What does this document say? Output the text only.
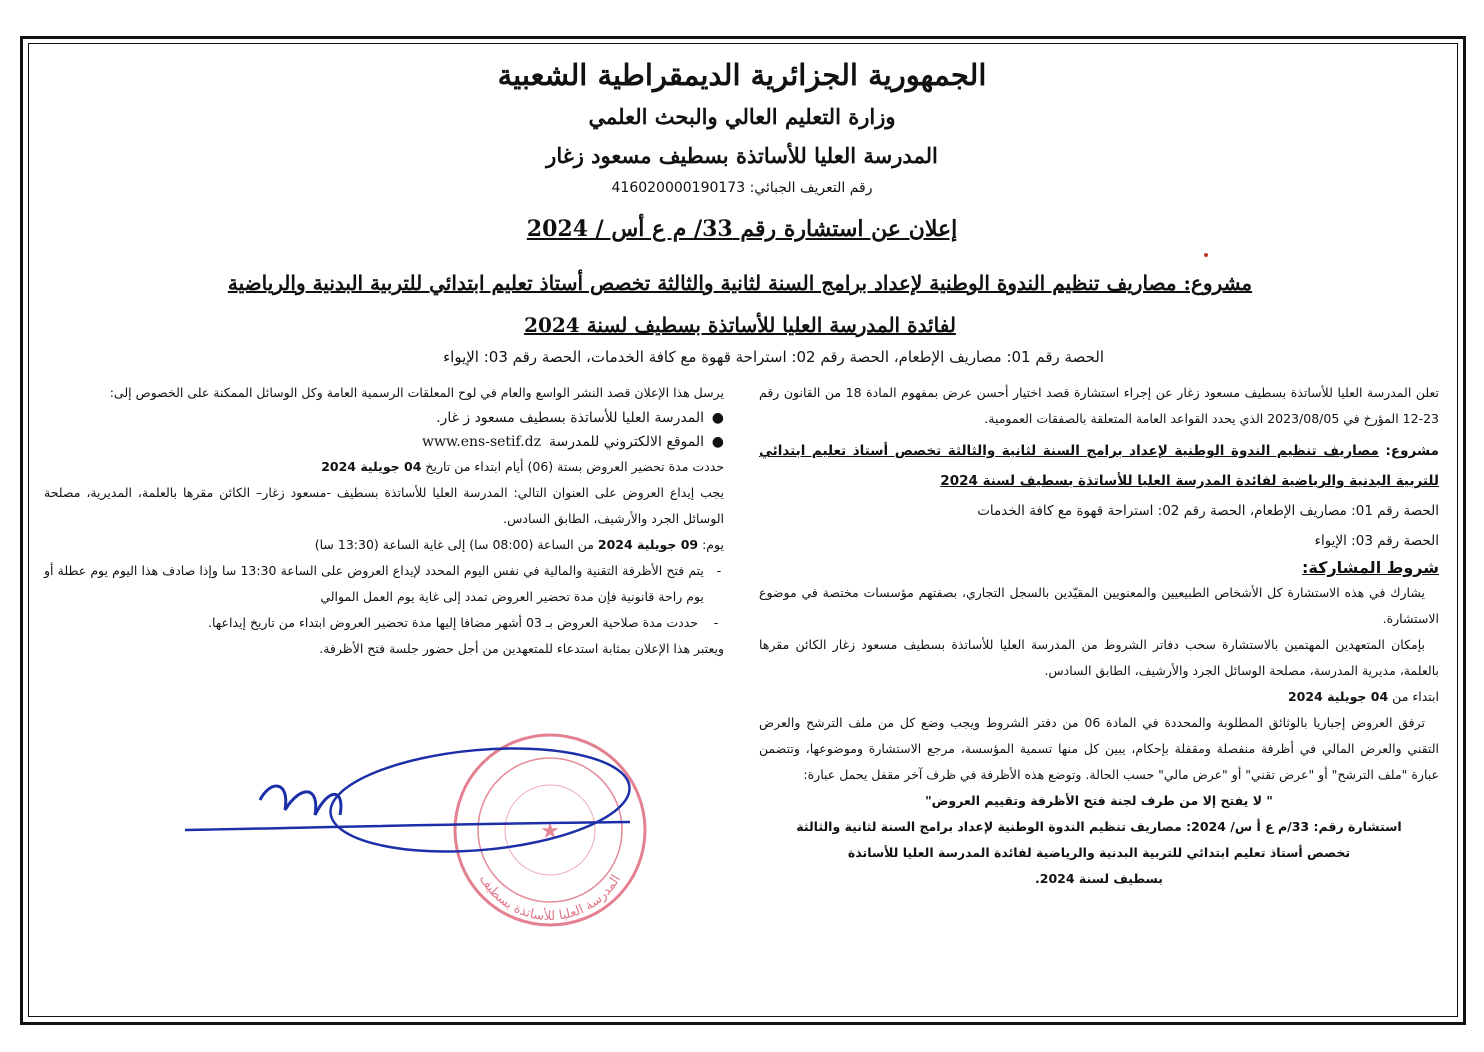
الجمهورية الجزائرية الديمقراطية الشعبية
وزارة التعليم العالي والبحث العلمي
المدرسة العليا للأساتذة بسطيف مسعود زغار
رقم التعريف الجبائي: 416020000190173
إعلان عن استشارة رقم 33/ م ع أس / 2024
مشروع: مصاريف تنظيم الندوة الوطنية لإعداد برامج السنة لثانية والثالثة تخصص أستاذ تعليم ابتدائي للتربية البدنية والرياضية
لفائدة المدرسة العليا للأساتذة بسطيف لسنة 2024
الحصة رقم 01: مصاريف الإطعام، الحصة رقم 02: استراحة قهوة مع كافة الخدمات، الحصة رقم 03: الإيواء

تعلن المدرسة العليا للأساتذة بسطيف مسعود زغار عن إجراء استشارة قصد اختيار أحسن عرض بمفهوم المادة 18 من القانون رقم 23-12 المؤرخ في 2023/08/05 الذي يحدد القواعد العامة المتعلقة بالصفقات العمومية.

مشروع: مصاريف تنظيم الندوة الوطنية لإعداد برامج السنة لثانية والثالثة تخصص أستاذ تعليم ابتدائي للتربية البدنية والرياضية لفائدة المدرسة العليا للأساتذة بسطيف لسنة 2024

الحصة رقم 01: مصاريف الإطعام، الحصة رقم 02: استراحة قهوة مع كافة الخدمات

الحصة رقم 03: الإيواء

شروط المشاركة:

يشارك في هذه الاستشارة كل الأشخاص الطبيعيين والمعنويين المقيّدين بالسجل التجاري، بصفتهم مؤسسات مختصة في موضوع الاستشارة.

بإمكان المتعهدين المهتمين بالاستشارة سحب دفاتر الشروط من المدرسة العليا للأساتذة بسطيف مسعود زغار الكائن مقرها بالعلمة، مديرية المدرسة، مصلحة الوسائل الجرد والأرشيف، الطابق السادس.

ابتداء من 04 جويلية 2024

ترفق العروض إجباريا بالوثائق المطلوبة والمحددة في المادة 06 من دفتر الشروط ويجب وضع كل من ملف الترشح والعرض التقني والعرض المالي في أظرفة منفصلة ومقفلة بإحكام، يبين كل منها تسمية المؤسسة، مرجع الاستشارة وموضوعها، وتتضمن عبارة "ملف الترشح" أو "عرض تقني" أو "عرض مالي" حسب الحالة. وتوضع هذه الأظرفة في ظرف آخر مقفل يحمل عبارة:

" لا يفتح إلا من طرف لجنة فتح الأظرفة وتقييم العروض"

استشارة رقم: 33/م ع أ س/ 2024: مصاريف تنظيم الندوة الوطنية لإعداد برامج السنة لثانية والثالثة

تخصص أستاذ تعليم ابتدائي للتربية البدنية والرياضية لفائدة المدرسة العليا للأساتذة

بسطيف لسنة 2024.

يرسل هذا الإعلان قصد النشر الواسع والعام في لوح المعلقات الرسمية العامة وكل الوسائل الممكنة على الخصوص إلى:

●
المدرسة العليا للأساتذة بسطيف مسعود ز غار.
●
الموقع الالكتروني للمدرسة
www.ens-setif.dz

حددت مدة تحضير العروض بستة (06) أيام ابتداء من تاريخ 04 جويلية 2024

يجب إيداع العروض على العنوان التالي: المدرسة العليا للأساتذة بسطيف -مسعود زغار– الكائن مقرها بالعلمة، المديرية، مصلحة الوسائل الجرد والأرشيف، الطابق السادس.

يوم: 09 جويلية 2024 من الساعة (08:00 سا) إلى غاية الساعة (13:30 سا)

-
يتم فتح الأظرفة التقنية والمالية في نفس اليوم المحدد لإيداع العروض على الساعة 13:30 سا وإذا صادف هذا اليوم يوم عطلة أو يوم راحة قانونية فإن مدة تحضير العروض تمدد إلى غاية يوم العمل الموالي
-
حددت مدة صلاحية العروض بـ 03 أشهر مضافا إليها مدة تحضير العروض ابتداء من تاريخ إيداعها.

ويعتبر هذا الإعلان بمثابة استدعاء للمتعهدين من أجل حضور جلسة فتح الأظرفة.

المدرسة العليا للأساتذة بسطيف
★
